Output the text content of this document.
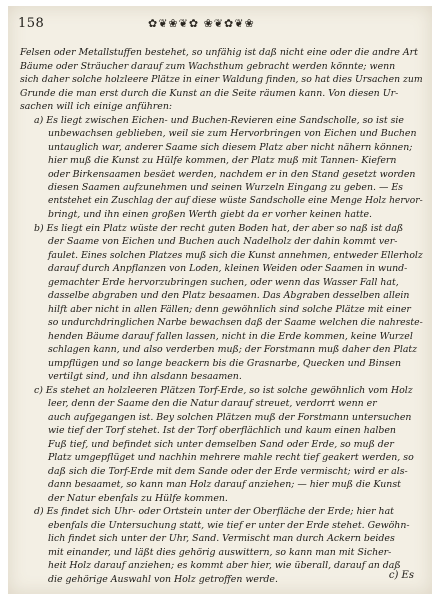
158	✿❦❀❦✿ ❀❦✿❦❀
Felsen oder Metallstuffen bestehet, so unfähig ist daß nicht eine oder die andre Art
Bäume oder Sträucher darauf zum Wachsthum gebracht werden könnte; wenn
sich daher solche holzleere Plätze in einer Waldung finden, so hat dies Ursachen zum
Grunde die man erst durch die Kunst an die Seite räumen kann. Von diesen Ur-
sachen will ich einige anführen:
a) Es liegt zwischen Eichen- und Buchen-Revieren eine Sandscholle, so ist sie
unbewachsen geblieben, weil sie zum Hervorbringen von Eichen und Buchen
untauglich war, anderer Saame sich diesem Platz aber nicht nähern können;
hier muß die Kunst zu Hülfe kommen, der Platz muß mit Tannen- Kiefern
oder Birkensaamen besäet werden, nachdem er in den Stand gesetzt worden
diesen Saamen aufzunehmen und seinen Wurzeln Eingang zu geben. — Es
entstehet ein Zuschlag der auf diese wüste Sandscholle eine Menge Holz hervor-
bringt, und ihn einen großen Werth giebt da er vorher keinen hatte.
b) Es liegt ein Platz wüste der recht guten Boden hat, der aber so naß ist daß
der Saame von Eichen und Buchen auch Nadelholz der dahin kommt ver-
faulet. Eines solchen Platzes muß sich die Kunst annehmen, entweder Ellerholz
darauf durch Anpflanzen von Loden, kleinen Weiden oder Saamen in wund-
gemachter Erde hervorzubringen suchen, oder wenn das Wasser Fall hat,
dasselbe abgraben und den Platz besaamen. Das Abgraben desselben allein
hilft aber nicht in allen Fällen; denn gewöhnlich sind solche Plätze mit einer
so undurchdringlichen Narbe bewachsen daß der Saame welchen die nahreste-
henden Bäume darauf fallen lassen, nicht in die Erde kommen, keine Wurzel
schlagen kann, und also verderben muß; der Forstmann muß daher den Platz
umpflügen und so lange beackern bis die Grasnarbe, Quecken und Binsen
vertilgt sind, und ihn alsdann besaamen.
c) Es stehet an holzleeren Plätzen Torf-Erde, so ist solche gewöhnlich vom Holz
leer, denn der Saame den die Natur darauf streuet, verdorrt wenn er
auch aufgegangen ist. Bey solchen Plätzen muß der Forstmann untersuchen
wie tief der Torf stehet. Ist der Torf oberflächlich und kaum einen halben
Fuß tief, und befindet sich unter demselben Sand oder Erde, so muß der
Platz umgepflüget und nachhin mehrere mahle recht tief geakert werden, so
daß sich die Torf-Erde mit dem Sande oder der Erde vermischt; wird er als-
dann besaamet, so kann man Holz darauf anziehen; — hier muß die Kunst
der Natur ebenfals zu Hülfe kommen.
d) Es findet sich Uhr- oder Ortstein unter der Oberfläche der Erde; hier hat
ebenfals die Untersuchung statt, wie tief er unter der Erde stehet. Gewöhn-
lich findet sich unter der Uhr, Sand. Vermischt man durch Ackern beides
mit einander, und läßt dies gehörig auswittern, so kann man mit Sicher-
heit Holz darauf anziehen; es kommt aber hier, wie überall, darauf an daß
die gehörige Auswahl von Holz getroffen werde.	c) Es
